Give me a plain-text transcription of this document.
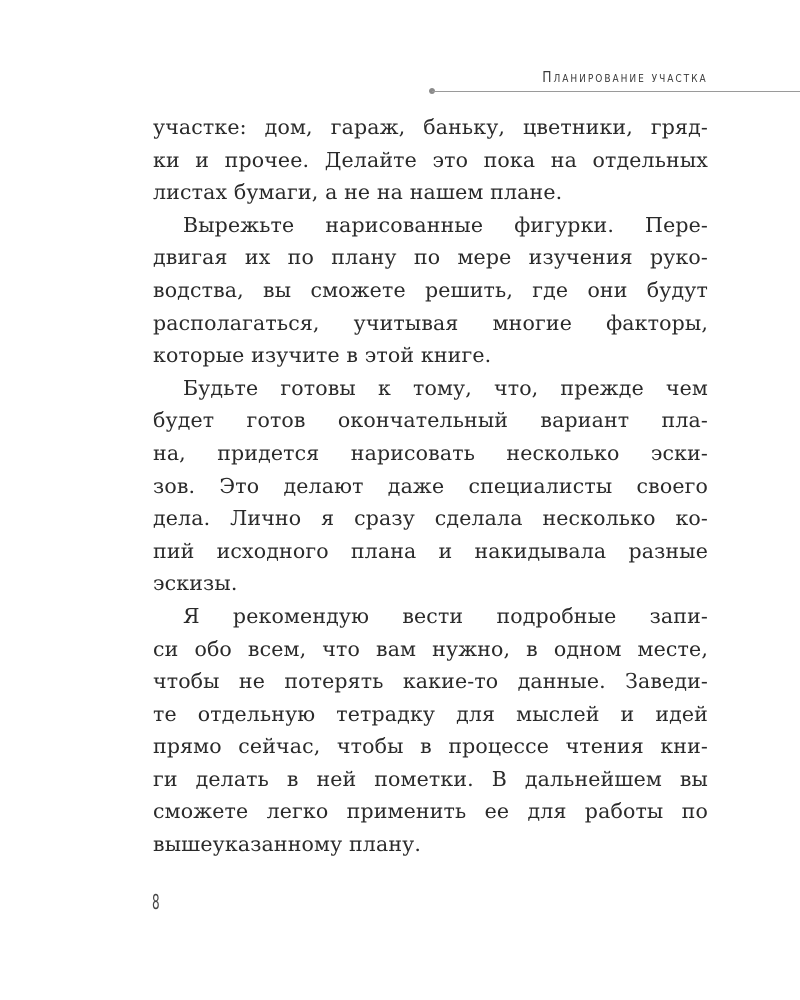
Планирование участка

участке: дом, гараж, баньку, цветники, гряд-
ки и прочее. Делайте это пока на отдельных
листах бумаги, а не на нашем плане.

Вырежьте нарисованные фигурки. Пере-
двигая их по плану по мере изучения руко-
водства, вы сможете решить, где они будут
располагаться, учитывая многие факторы,
которые изучите в этой книге.

Будьте готовы к тому, что, прежде чем
будет готов окончательный вариант пла-
на, придется нарисовать несколько эски-
зов. Это делают даже специалисты своего
дела. Лично я сразу сделала несколько ко-
пий исходного плана и накидывала разные
эскизы.

Я рекомендую вести подробные запи-
си обо всем, что вам нужно, в одном месте,
чтобы не потерять какие-то данные. Заведи-
те отдельную тетрадку для мыслей и идей
прямо сейчас, чтобы в процессе чтения кни-
ги делать в ней пометки. В дальнейшем вы
сможете легко применить ее для работы по
вышеуказанному плану.

8
